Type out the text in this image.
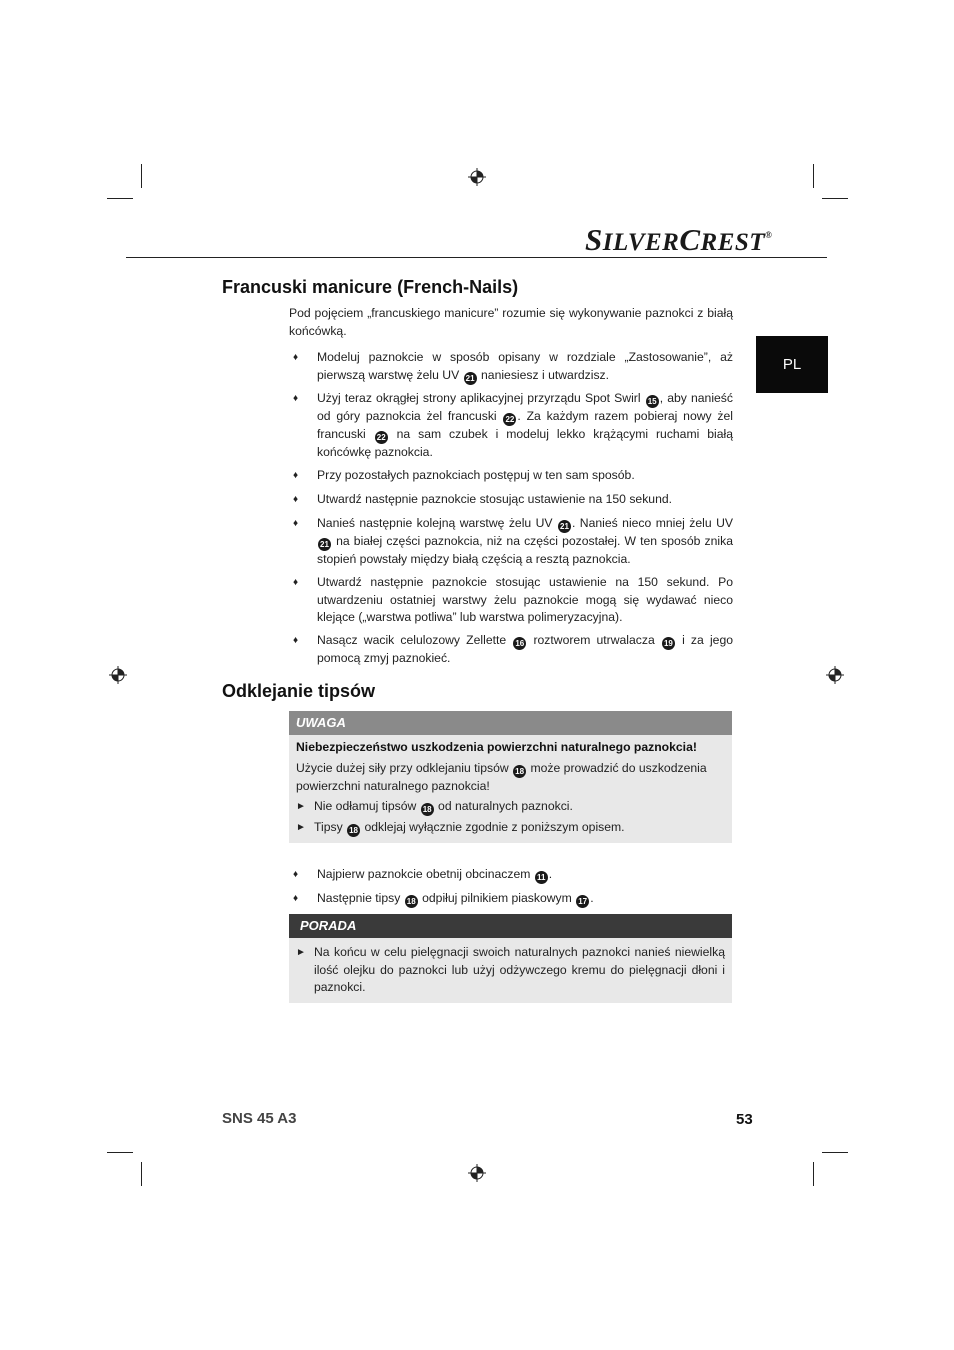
SILVERCREST®
PL
Francuski manicure (French-Nails)
Pod pojęciem „francuskiego manicure” rozumie się wykonywanie paznokci z białą końcówką.
♦	Modeluj paznokcie w sposób opisany w rozdziale „Zastosowanie”, aż pierwszą warstwę żelu UV 21 naniesiesz i utwardzisz.
♦	Użyj teraz okrągłej strony aplikacyjnej przyrządu Spot Swirl 15 , aby nanieść od góry paznokcia żel francuski 22 . Za każdym razem pobieraj nowy żel francuski 22 na sam czubek i modeluj lekko krążącymi ruchami białą końcówkę paznokcia.
♦	Przy pozostałych paznokciach postępuj w ten sam sposób.
♦	Utwardź następnie paznokcie stosując ustawienie na 150 sekund.
♦	Nanieś następnie kolejną warstwę żelu UV 21 . Nanieś nieco mniej żelu UV 21 na białej części paznokcia, niż na części pozostałej. W ten sposób znika stopień powstały między białą częścią a resztą paznokcia.
♦	Utwardź następnie paznokcie stosując ustawienie na 150 sekund. Po utwardzeniu ostatniej warstwy żelu paznokcie mogą się wydawać nieco klejące („warstwa potliwa” lub warstwa polimeryzacyjna).
♦	Nasącz wacik celulozowy Zellette 16 roztworem utrwalacza 19 i za jego pomocą zmyj paznokieć.
Odklejanie tipsów
UWAGA
Niebezpieczeństwo uszkodzenia powierzchni naturalnego paznokcia!
Użycie dużej siły przy odklejaniu tipsów 18 może prowadzić do uszkodzenia powierzchni naturalnego paznokcia!
► Nie odłamuj tipsów 18 od naturalnych paznokci.
► Tipsy 18 odklejaj wyłącznie zgodnie z poniższym opisem.
♦	Najpierw paznokcie obetnij obcinaczem 11 .
♦	Następnie tipsy 18 odpiłuj pilnikiem piaskowym 17 .
PORADA
► Na końcu w celu pielęgnacji swoich naturalnych paznokci nanieś niewielką ilość olejku do paznokci lub użyj odżywczego kremu do pielęgnacji dłoni i paznokci.
SNS 45 A3	53
